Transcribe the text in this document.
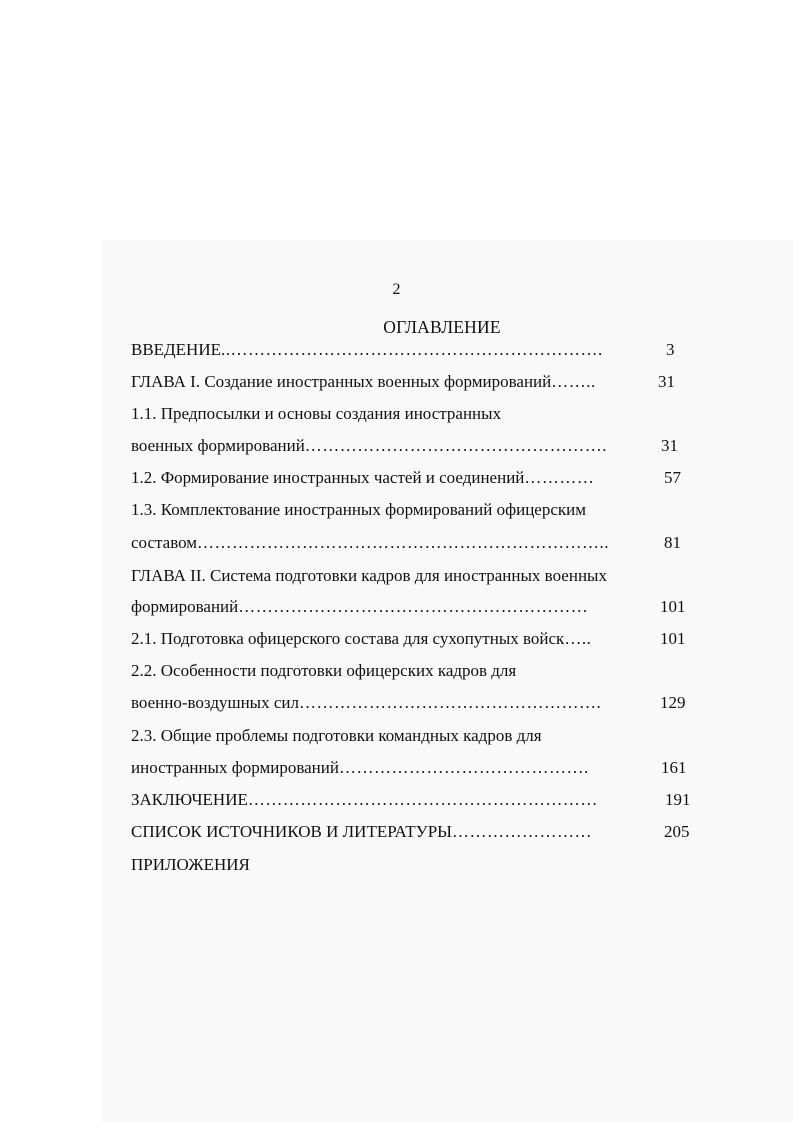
2
ОГЛАВЛЕНИЕ
ВВЕДЕНИЕ..……………………………………………………….	3
ГЛАВА I. Создание иностранных военных формирований……..	31
1.1. Предпосылки и основы создания иностранных
военных формирований…………………………………………….	31
1.2. Формирование иностранных частей и соединений…………	57
1.3. Комплектование иностранных формирований офицерским
составом……………………………………………………………..	81
ГЛАВА II. Система подготовки кадров для иностранных военных
формирований……………………………………………………	101
2.1. Подготовка офицерского состава для сухопутных войск…..	101
2.2. Особенности подготовки офицерских кадров для
военно-воздушных сил…………………………………………….	129
2.3. Общие проблемы подготовки командных кадров для
иностранных формирований…………………………………….	161
ЗАКЛЮЧЕНИЕ……………………………………………………	191
СПИСОК ИСТОЧНИКОВ И ЛИТЕРАТУРЫ……………………	205
ПРИЛОЖЕНИЯ
